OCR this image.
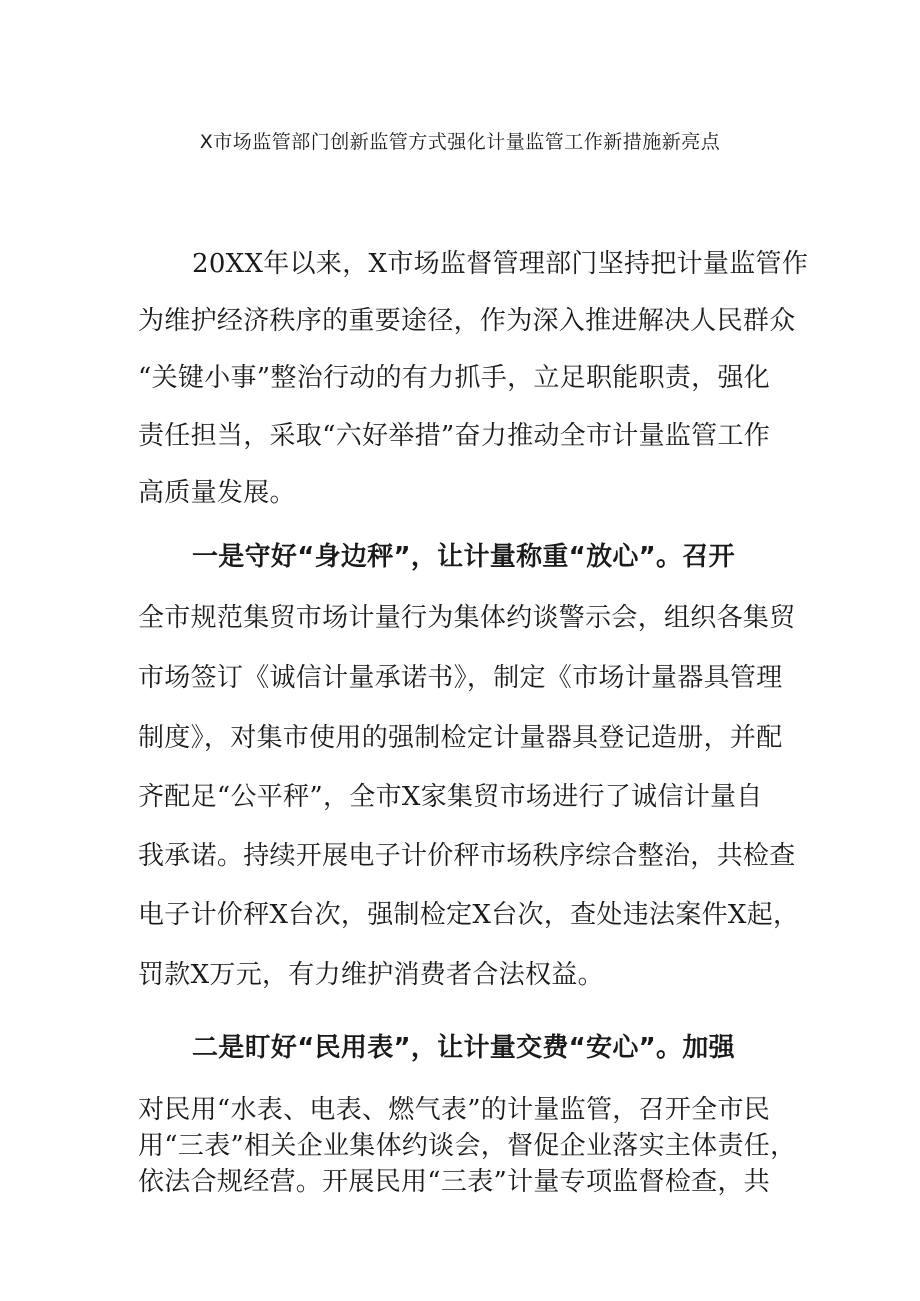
X市场监管部门创新监管方式强化计量监管工作新措施新亮点
20XX年以来，X市场监督管理部门坚持把计量监管作
为维护经济秩序的重要途径，作为深入推进解决人民群众
“关键小事”整治行动的有力抓手，立足职能职责，强化
责任担当，采取“六好举措”奋力推动全市计量监管工作
高质量发展。
一是守好“身边秤”，让计量称重“放心”。召开
全市规范集贸市场计量行为集体约谈警示会，组织各集贸
市场签订《诚信计量承诺书》，制定《市场计量器具管理
制度》，对集市使用的强制检定计量器具登记造册，并配
齐配足“公平秤”，全市X家集贸市场进行了诚信计量自
我承诺。持续开展电子计价秤市场秩序综合整治，共检查
电子计价秤X台次，强制检定X台次，查处违法案件X起，
罚款X万元，有力维护消费者合法权益。
二是盯好“民用表”，让计量交费“安心”。加强
对民用“水表、电表、燃气表”的计量监管，召开全市民
用“三表”相关企业集体约谈会，督促企业落实主体责任，
依法合规经营。开展民用“三表”计量专项监督检查，共
